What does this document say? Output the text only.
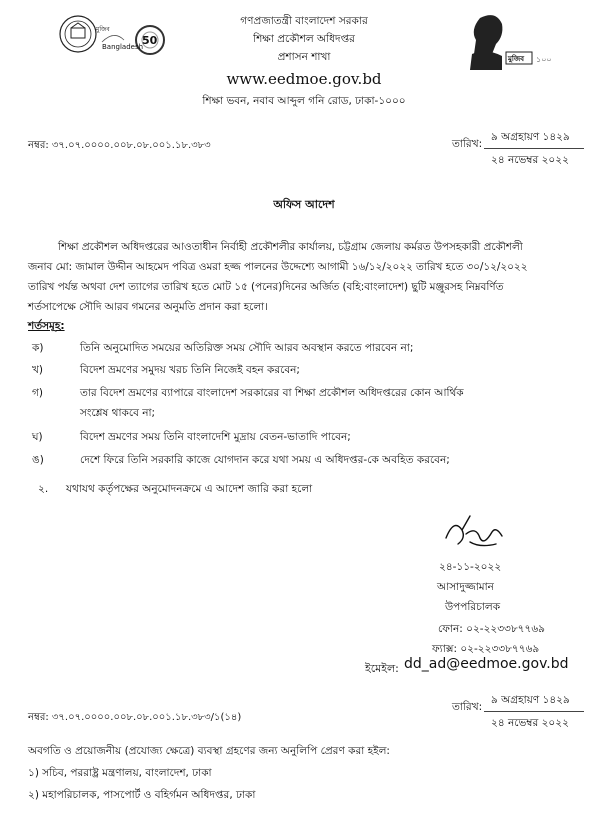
মুজিব
Bangladesh
50
মুজিব ১০০
গণপ্রজাতন্ত্রী বাংলাদেশ সরকার
শিক্ষা প্রকৌশল অধিদপ্তর
প্রশাসন শাখা
www.eedmoe.gov.bd
শিক্ষা ভবন, নবাব আব্দুল গনি রোড, ঢাকা-১০০০
নম্বর: ৩৭.০৭.০০০০.০০৮.০৮.০০১.১৮.৩৮৩	তারিখ:
৯ অগ্রহায়ণ ১৪২৯
২৪ নভেম্বর ২০২২
অফিস আদেশ
শিক্ষা প্রকৌশল অধিদপ্তরের আওতাধীন নির্বাহী প্রকৌশলীর কার্যালয়, চট্টগ্রাম জেলায় কর্মরত উপসহকারী প্রকৌশলী
জনাব মো: জামাল উদ্দীন আহমেদ পবিত্র ওমরা হজ্জ পালনের উদ্দেশ্যে আগামী ১৬/১২/২০২২ তারিখ হতে ৩০/১২/২০২২
তারিখ পর্যন্ত অথবা দেশ ত্যাগের তারিখ হতে মোট ১৫ (পনের)দিনের অর্জিত (বহি:বাংলাদেশ) ছুটি মঞ্জুরসহ নিম্নবর্ণিত
শর্তসাপেক্ষে সৌদি আরব গমনের অনুমতি প্রদান করা হলো।
শর্তসমূহ:
ক)	তিনি অনুমোদিত সময়ের অতিরিক্ত সময় সৌদি আরব অবস্থান করতে পারবেন না;
খ)	বিদেশ ভ্রমণের সমুদয় খরচ তিনি নিজেই বহন করবেন;
গ)	তার বিদেশ ভ্রমণের ব্যাপারে বাংলাদেশ সরকারের বা শিক্ষা প্রকৌশল অধিদপ্তরের কোন আর্থিক
সংশ্লেষ থাকবে না;
ঘ)	বিদেশ ভ্রমণের সময় তিনি বাংলাদেশি মুদ্রায় বেতন-ভাতাদি পাবেন;
ঙ)	দেশে ফিরে তিনি সরকারি কাজে যোগদান করে যথা সময় এ অধিদপ্তর-কে অবহিত করবেন;
২. যথাযথ কর্তৃপক্ষের অনুমোদনক্রমে এ আদেশ জারি করা হলো
২৪-১১-২০২২
আসাদুজ্জামান
উপপরিচালক
ফোন: ০২-২২৩৩৮৭৭৬৯
ফ্যাক্স: ০২-২২৩৩৮৭৭৬৯
ইমেইল: dd_ad@eedmoe.gov.bd
নম্বর: ৩৭.০৭.০০০০.০০৮.০৮.০০১.১৮.৩৮৩/১(১৪)
তারিখ:
৯ অগ্রহায়ণ ১৪২৯
২৪ নভেম্বর ২০২২
অবগতি ও প্রয়োজনীয় (প্রযোজ্য ক্ষেত্রে) ব্যবস্থা গ্রহণের জন্য অনুলিপি প্রেরণ করা হইল:
১) সচিব, পররাষ্ট্র মন্ত্রণালয়, বাংলাদেশ, ঢাকা
২) মহাপরিচালক, পাসপোর্ট ও বহির্গমন অধিদপ্তর, ঢাকা
